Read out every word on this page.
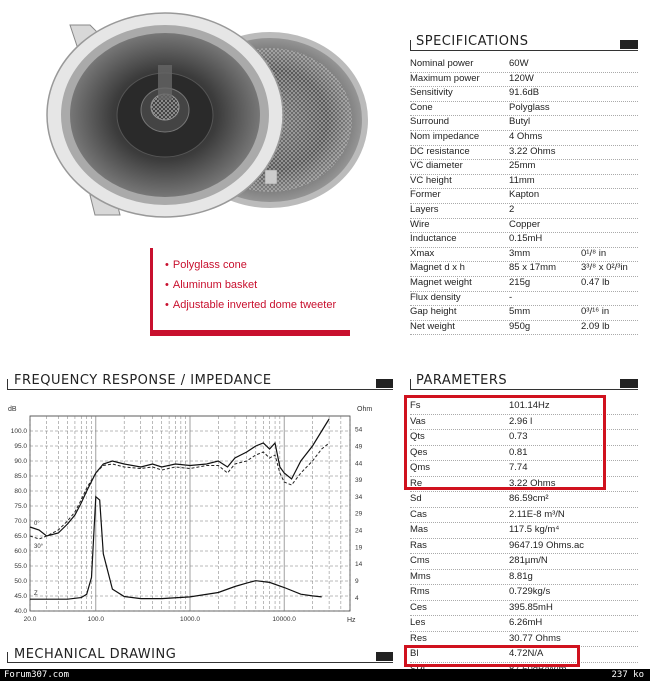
• Polyglass cone
• Aluminum basket
• Adjustable inverted dome tweeter
SPECIFICATIONS
Nominal power	60W
Maximum power	120W
Sensitivity	91.6dB
Cone	Polyglass
Surround	Butyl
Nom impedance	4 Ohms
DC resistance	3.22 Ohms
VC diameter	25mm
VC height	11mm
Former	Kapton
Layers	2
Wire	Copper
Inductance	0.15mH
Xmax	3mm	0¹/⁸ in
Magnet d x h	85 x 17mm	3³/⁸ x 0²/³in
Magnet weight	215g	0.47 lb
Flux density	-
Gap height	5mm	0³/¹⁶ in
Net weight	950g	2.09 lb
FREQUENCY RESPONSE / IMPEDANCE
100.0
95.0
90.0
85.0
80.0
75.0
70.0
65.0
60.0
55.0
50.0
45.0
40.0
54
49
44
39
34
29
24
19
14
9
4
20.0	100.0	1000.0	10000.0
dB	Ohm
Hz
0°
30°
Z
PARAMETERS
Fs	101.14Hz
Vas	2.96 l
Qts	0.73
Qes	0.81
Qms	7.74
Re	3.22 Ohms
Sd	86.59cm²
Cas	2.11E-8 m³/N
Mas	117.5 kg/m⁴
Ras	9647.19 Ohms.ac
Cms	281µm/N
Mms	8.81g
Rms	0.729kg/s
Ces	395.85mH
Les	6.26mH
Res	30.77 Ohms
Bl	4.72N/A
MECHANICAL DRAWING
Forum307.com	237 ko
